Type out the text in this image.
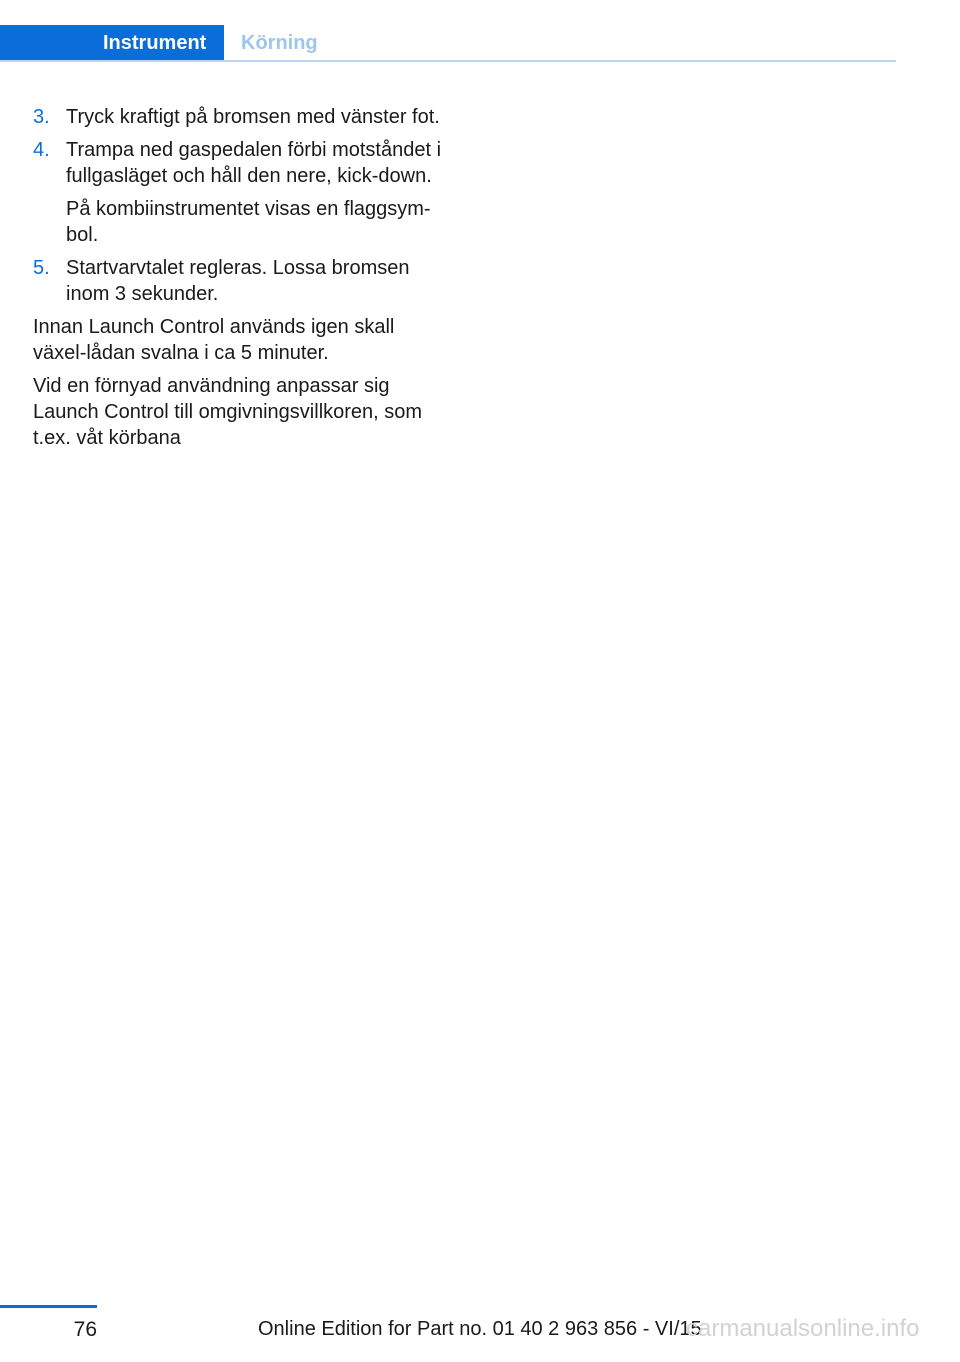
Instrument	Körning
3. Tryck kraftigt på bromsen med vänster fot.
4. Trampa ned gaspedalen förbi motståndet i fullgasläget och håll den nere, kick-down.
På kombiinstrumentet visas en flaggsym-bol.
5. Startvarvtalet regleras. Lossa bromsen inom 3 sekunder.
Innan Launch Control används igen skall växel-lådan svalna i ca 5 minuter.
Vid en förnyad användning anpassar sig Launch Control till omgivningsvillkoren, som t.ex. våt körbana
76	Online Edition for Part no. 01 40 2 963 856 - VI/15
carmanualsonline.info
